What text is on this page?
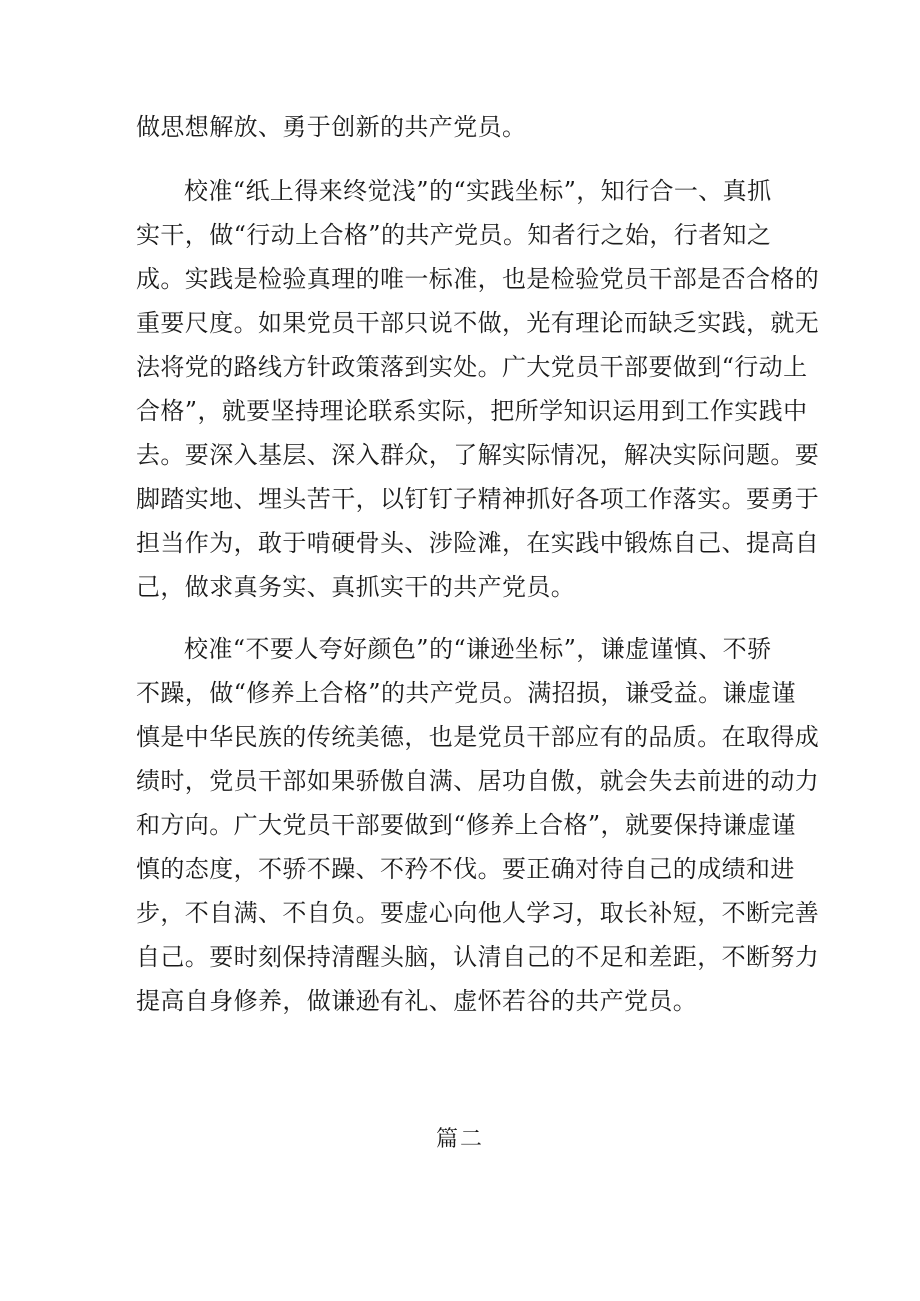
做思想解放、勇于创新的共产党员。
校准“纸上得来终觉浅”的“实践坐标”，知行合一、真抓
实干，做“行动上合格”的共产党员。知者行之始，行者知之
成。实践是检验真理的唯一标准，也是检验党员干部是否合格的
重要尺度。如果党员干部只说不做，光有理论而缺乏实践，就无
法将党的路线方针政策落到实处。广大党员干部要做到“行动上
合格”，就要坚持理论联系实际，把所学知识运用到工作实践中
去。要深入基层、深入群众，了解实际情况，解决实际问题。要
脚踏实地、埋头苦干，以钉钉子精神抓好各项工作落实。要勇于
担当作为，敢于啃硬骨头、涉险滩，在实践中锻炼自己、提高自
己，做求真务实、真抓实干的共产党员。
校准“不要人夸好颜色”的“谦逊坐标”，谦虚谨慎、不骄
不躁，做“修养上合格”的共产党员。满招损，谦受益。谦虚谨
慎是中华民族的传统美德，也是党员干部应有的品质。在取得成
绩时，党员干部如果骄傲自满、居功自傲，就会失去前进的动力
和方向。广大党员干部要做到“修养上合格”，就要保持谦虚谨
慎的态度，不骄不躁、不矜不伐。要正确对待自己的成绩和进
步，不自满、不自负。要虚心向他人学习，取长补短，不断完善
自己。要时刻保持清醒头脑，认清自己的不足和差距，不断努力
提高自身修养，做谦逊有礼、虚怀若谷的共产党员。
篇二
